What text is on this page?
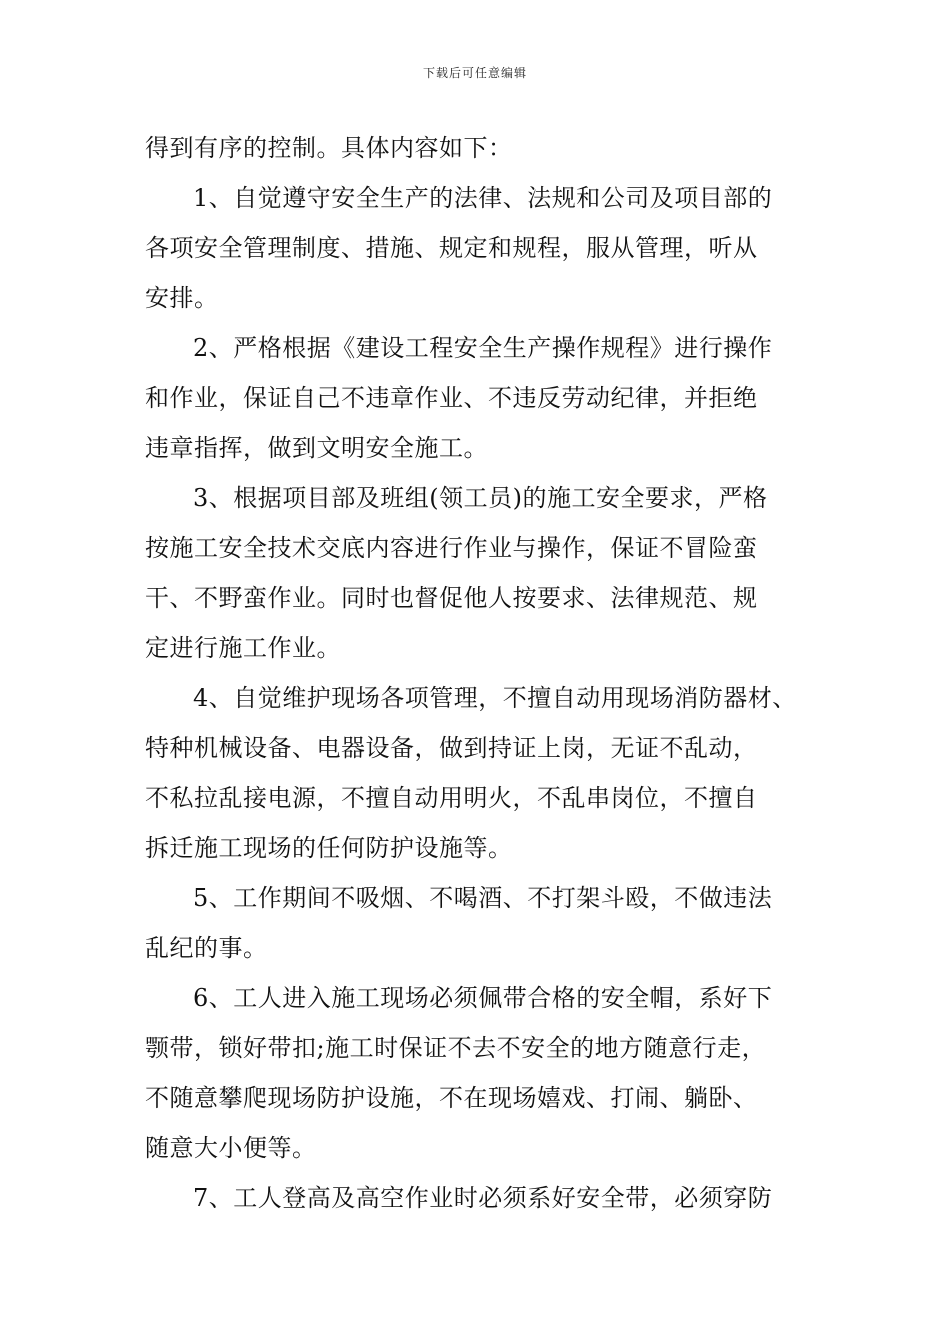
下载后可任意编辑
得到有序的控制。具体内容如下：
1、自觉遵守安全生产的法律、法规和公司及项目部的
各项安全管理制度、措施、规定和规程，服从管理，听从
安排。
2、严格根据《建设工程安全生产操作规程》进行操作
和作业，保证自己不违章作业、不违反劳动纪律，并拒绝
违章指挥，做到文明安全施工。
3、根据项目部及班组(领工员)的施工安全要求，严格
按施工安全技术交底内容进行作业与操作，保证不冒险蛮
干、不野蛮作业。同时也督促他人按要求、法律规范、规
定进行施工作业。
4、自觉维护现场各项管理，不擅自动用现场消防器材、
特种机械设备、电器设备，做到持证上岗，无证不乱动，
不私拉乱接电源，不擅自动用明火，不乱串岗位，不擅自
拆迁施工现场的任何防护设施等。
5、工作期间不吸烟、不喝酒、不打架斗殴，不做违法
乱纪的事。
6、工人进入施工现场必须佩带合格的安全帽，系好下
颚带，锁好带扣;施工时保证不去不安全的地方随意行走，
不随意攀爬现场防护设施，不在现场嬉戏、打闹、躺卧、
随意大小便等。
7、工人登高及高空作业时必须系好安全带，必须穿防
